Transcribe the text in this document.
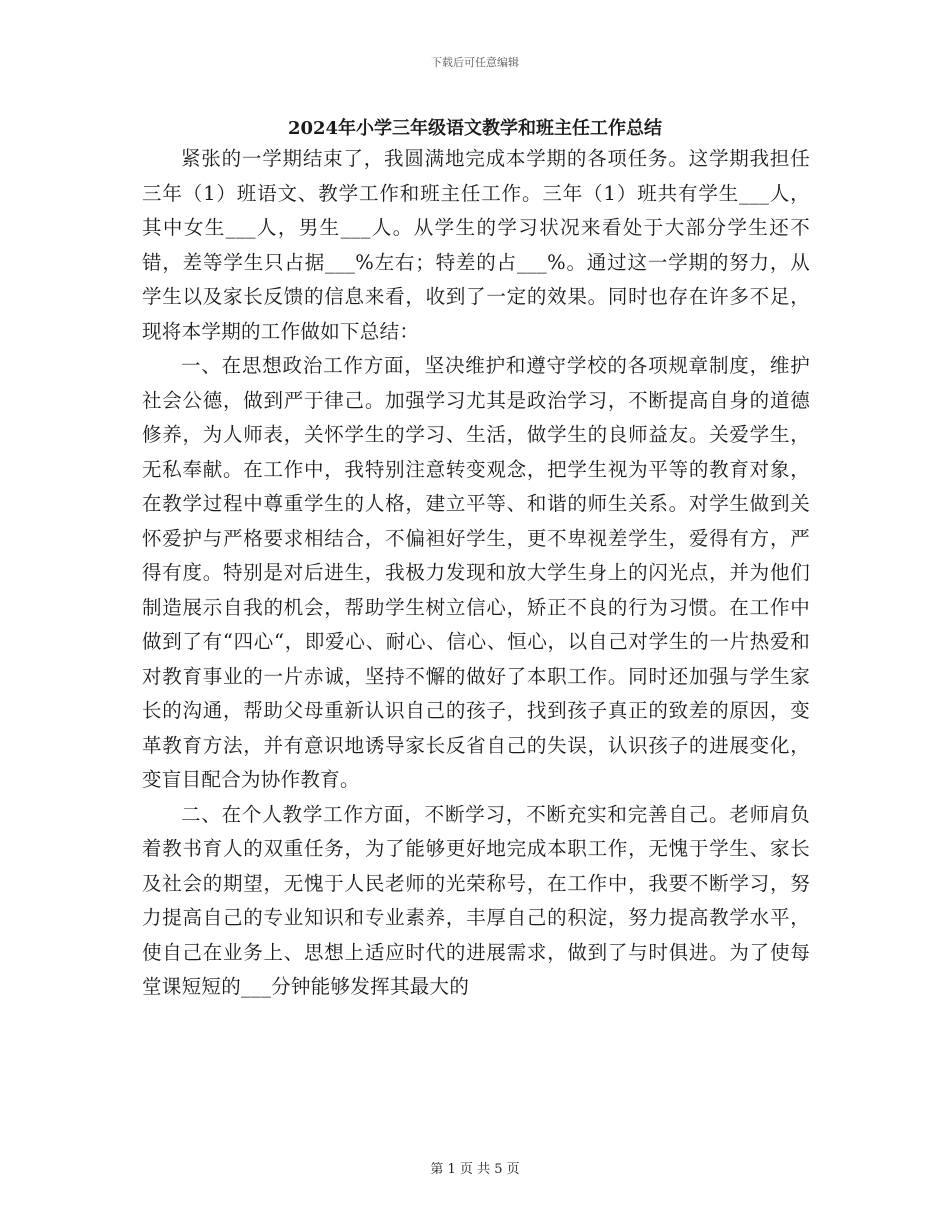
下载后可任意编辑
2024年小学三年级语文教学和班主任工作总结

紧张的一学期结束了，我圆满地完成本学期的各项任务。这学期我担任三年（1）班语文、教学工作和班主任工作。三年（1）班共有学生___人，其中女生___人，男生___人。从学生的学习状况来看处于大部分学生还不错，差等学生只占据___%左右；特差的占___%。通过这一学期的努力，从学生以及家长反馈的信息来看，收到了一定的效果。同时也存在许多不足，现将本学期的工作做如下总结：

一、在思想政治工作方面，坚决维护和遵守学校的各项规章制度，维护社会公德，做到严于律己。加强学习尤其是政治学习，不断提高自身的道德修养，为人师表，关怀学生的学习、生活，做学生的良师益友。关爱学生，无私奉献。在工作中，我特别注意转变观念，把学生视为平等的教育对象，在教学过程中尊重学生的人格，建立平等、和谐的师生关系。对学生做到关怀爱护与严格要求相结合，不偏袒好学生，更不卑视差学生，爱得有方，严得有度。特别是对后进生，我极力发现和放大学生身上的闪光点，并为他们制造展示自我的机会，帮助学生树立信心，矫正不良的行为习惯。在工作中做到了有“四心“，即爱心、耐心、信心、恒心，以自己对学生的一片热爱和对教育事业的一片赤诚，坚持不懈的做好了本职工作。同时还加强与学生家长的沟通，帮助父母重新认识自己的孩子，找到孩子真正的致差的原因，变革教育方法，并有意识地诱导家长反省自己的失误，认识孩子的进展变化，变盲目配合为协作教育。

二、在个人教学工作方面，不断学习，不断充实和完善自己。老师肩负着教书育人的双重任务，为了能够更好地完成本职工作，无愧于学生、家长及社会的期望，无愧于人民老师的光荣称号，在工作中，我要不断学习，努力提高自己的专业知识和专业素养，丰厚自己的积淀，努力提高教学水平，使自己在业务上、思想上适应时代的进展需求，做到了与时俱进。为了使每堂课短短的___分钟能够发挥其最大的

第 1 页 共 5 页
